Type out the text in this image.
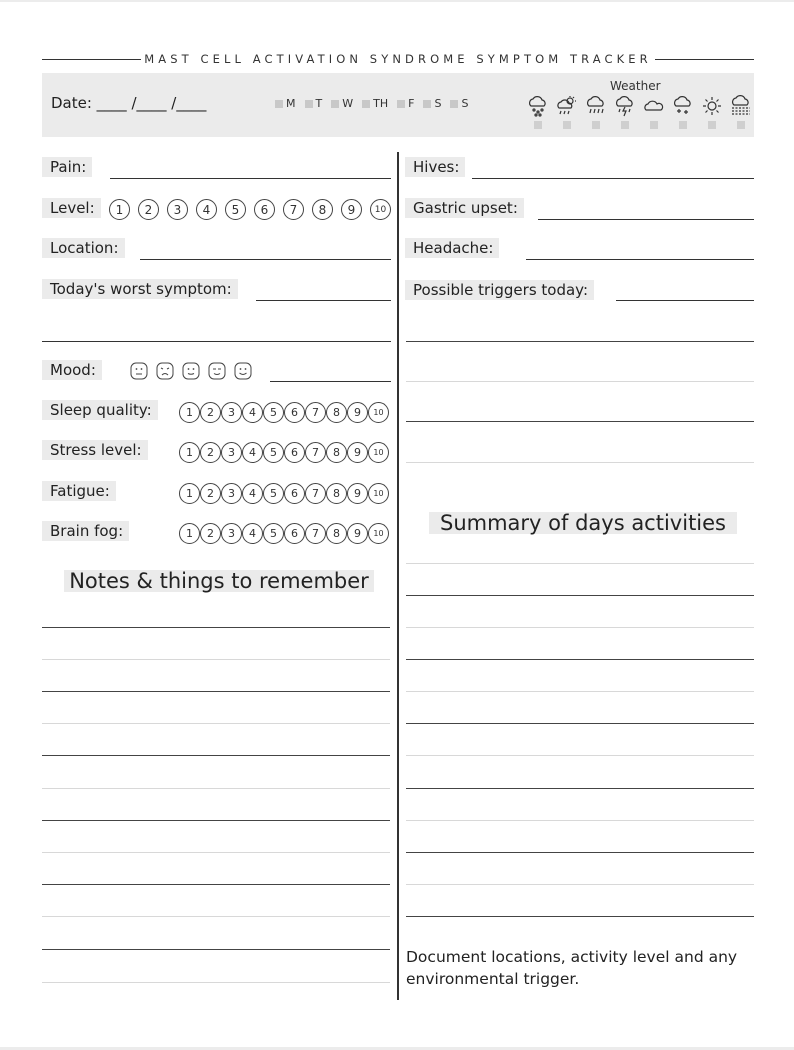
MAST CELL ACTIVATION SYNDROME SYMPTOM TRACKER
Date: ____ /____ /____	M T W TH F S S
Weather
Pain:
Level:	1	2	3	4	5	6	7	8	9	10
Location:
Today's worst symptom:
Mood:
Sleep quality:	1	2	3	4	5	6	7	8	9	10
Stress level:	1	2	3	4	5	6	7	8	9	10
Fatigue:	1	2	3	4	5	6	7	8	9	10
Brain fog:	1	2	3	4	5	6	7	8	9	10
Notes & things to remember
Hives:
Gastric upset:
Headache:
Possible triggers today:
Summary of days activities
Document locations, activity level and any environmental trigger.
